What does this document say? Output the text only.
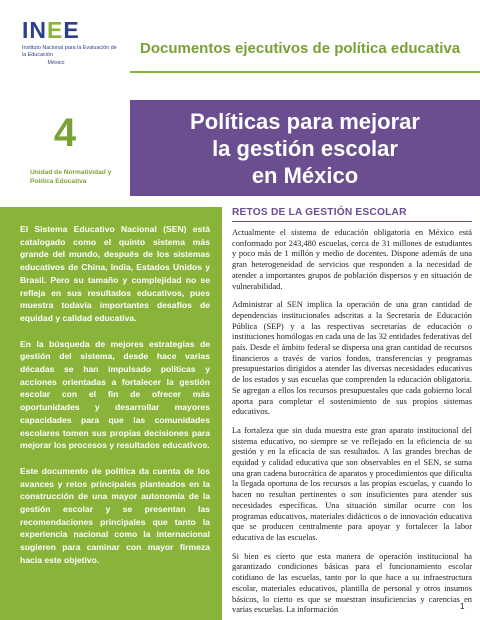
INEE
Instituto Nacional para la Evaluación de la Educación
México
Documentos ejecutivos de política educativa
4
Unidad de Normatividad y Política Educativa
Políticas para mejorar
la gestión escolar
en México

El Sistema Educativo Nacional (SEN) está catalogado como el quinto sistema más grande del mundo, después de los sistemas educativos de China, India, Estados Unidos y Brasil. Pero su tamaño y complejidad no se refleja en sus resultados educativos, pues muestra todavía importantes desafíos de equidad y calidad educativa.

En la búsqueda de mejores estrategias de gestión del sistema, desde hace varias décadas se han impulsado políticas y acciones orientadas a fortalecer la gestión escolar con el fin de ofrecer más oportunidades y desarrollar mayores capacidades para que las comunidades escolares tomen sus propias decisiones para mejorar los procesos y resultados educativos.

Este documento de política da cuenta de los avances y retos principales planteados en la construcción de una mayor autonomía de la gestión escolar y se presentan las recomendaciones principales que tanto la experiencia nacional como la internacional sugieren para caminar con mayor firmeza hacia este objetivo.

RETOS DE LA GESTIÓN ESCOLAR

Actualmente el sistema de educación obligatoria en México está conformado por 243,480 escuelas, cerca de 31 millones de estudiantes y poco más de 1 millón y medio de docentes. Dispone además de una gran heterogeneidad de servicios que responden a la necesidad de atender a importantes grupos de población dispersos y en situación de vulnerabilidad.

Administrar al SEN implica la operación de una gran cantidad de dependencias institucionales adscritas a la Secretaría de Educación Pública (SEP) y a las respectivas secretarías de educación o instituciones homólogas en cada una de las 32 entidades federativas del país. Desde el ámbito federal se dispersa una gran cantidad de recursos financieros a través de varios fondos, transferencias y programas presupuestarios dirigidos a atender las diversas necesidades educativas de los estados y sus escuelas que comprenden la educación obligatoria. Se agregan a ellos los recursos presupuestales que cada gobierno local aporta para completar el sostenimiento de sus propios sistemas educativos.

La fortaleza que sin duda muestra este gran aparato institucional del sistema educativo, no siempre se ve reflejado en la eficiencia de su gestión y en la eficacia de sus resultados. A las grandes brechas de equidad y calidad educativa que son observables en el SEN, se suma una gran cadena burocrática de aparatos y procedimientos que dificulta la llegada oportuna de los recursos a las propias escuelas, y cuando lo hacen no resultan pertinentes o son insuficientes para atender sus necesidades específicas. Una situación similar ocurre con los programas educativos, materiales didácticos o de innovación educativa que se producen centralmente para apoyar y fortalecer la labor educativa de las escuelas.

Si bien es cierto que esta manera de operación institucional ha garantizado condiciones básicas para el funcionamiento escolar cotidiano de las escuelas, tanto por lo que hace a su infraestructura escolar, materiales educativos, plantilla de personal y otros insumos básicos, lo cierto es que se muestran insuficiencias y carencias en varias escuelas. La información	1
